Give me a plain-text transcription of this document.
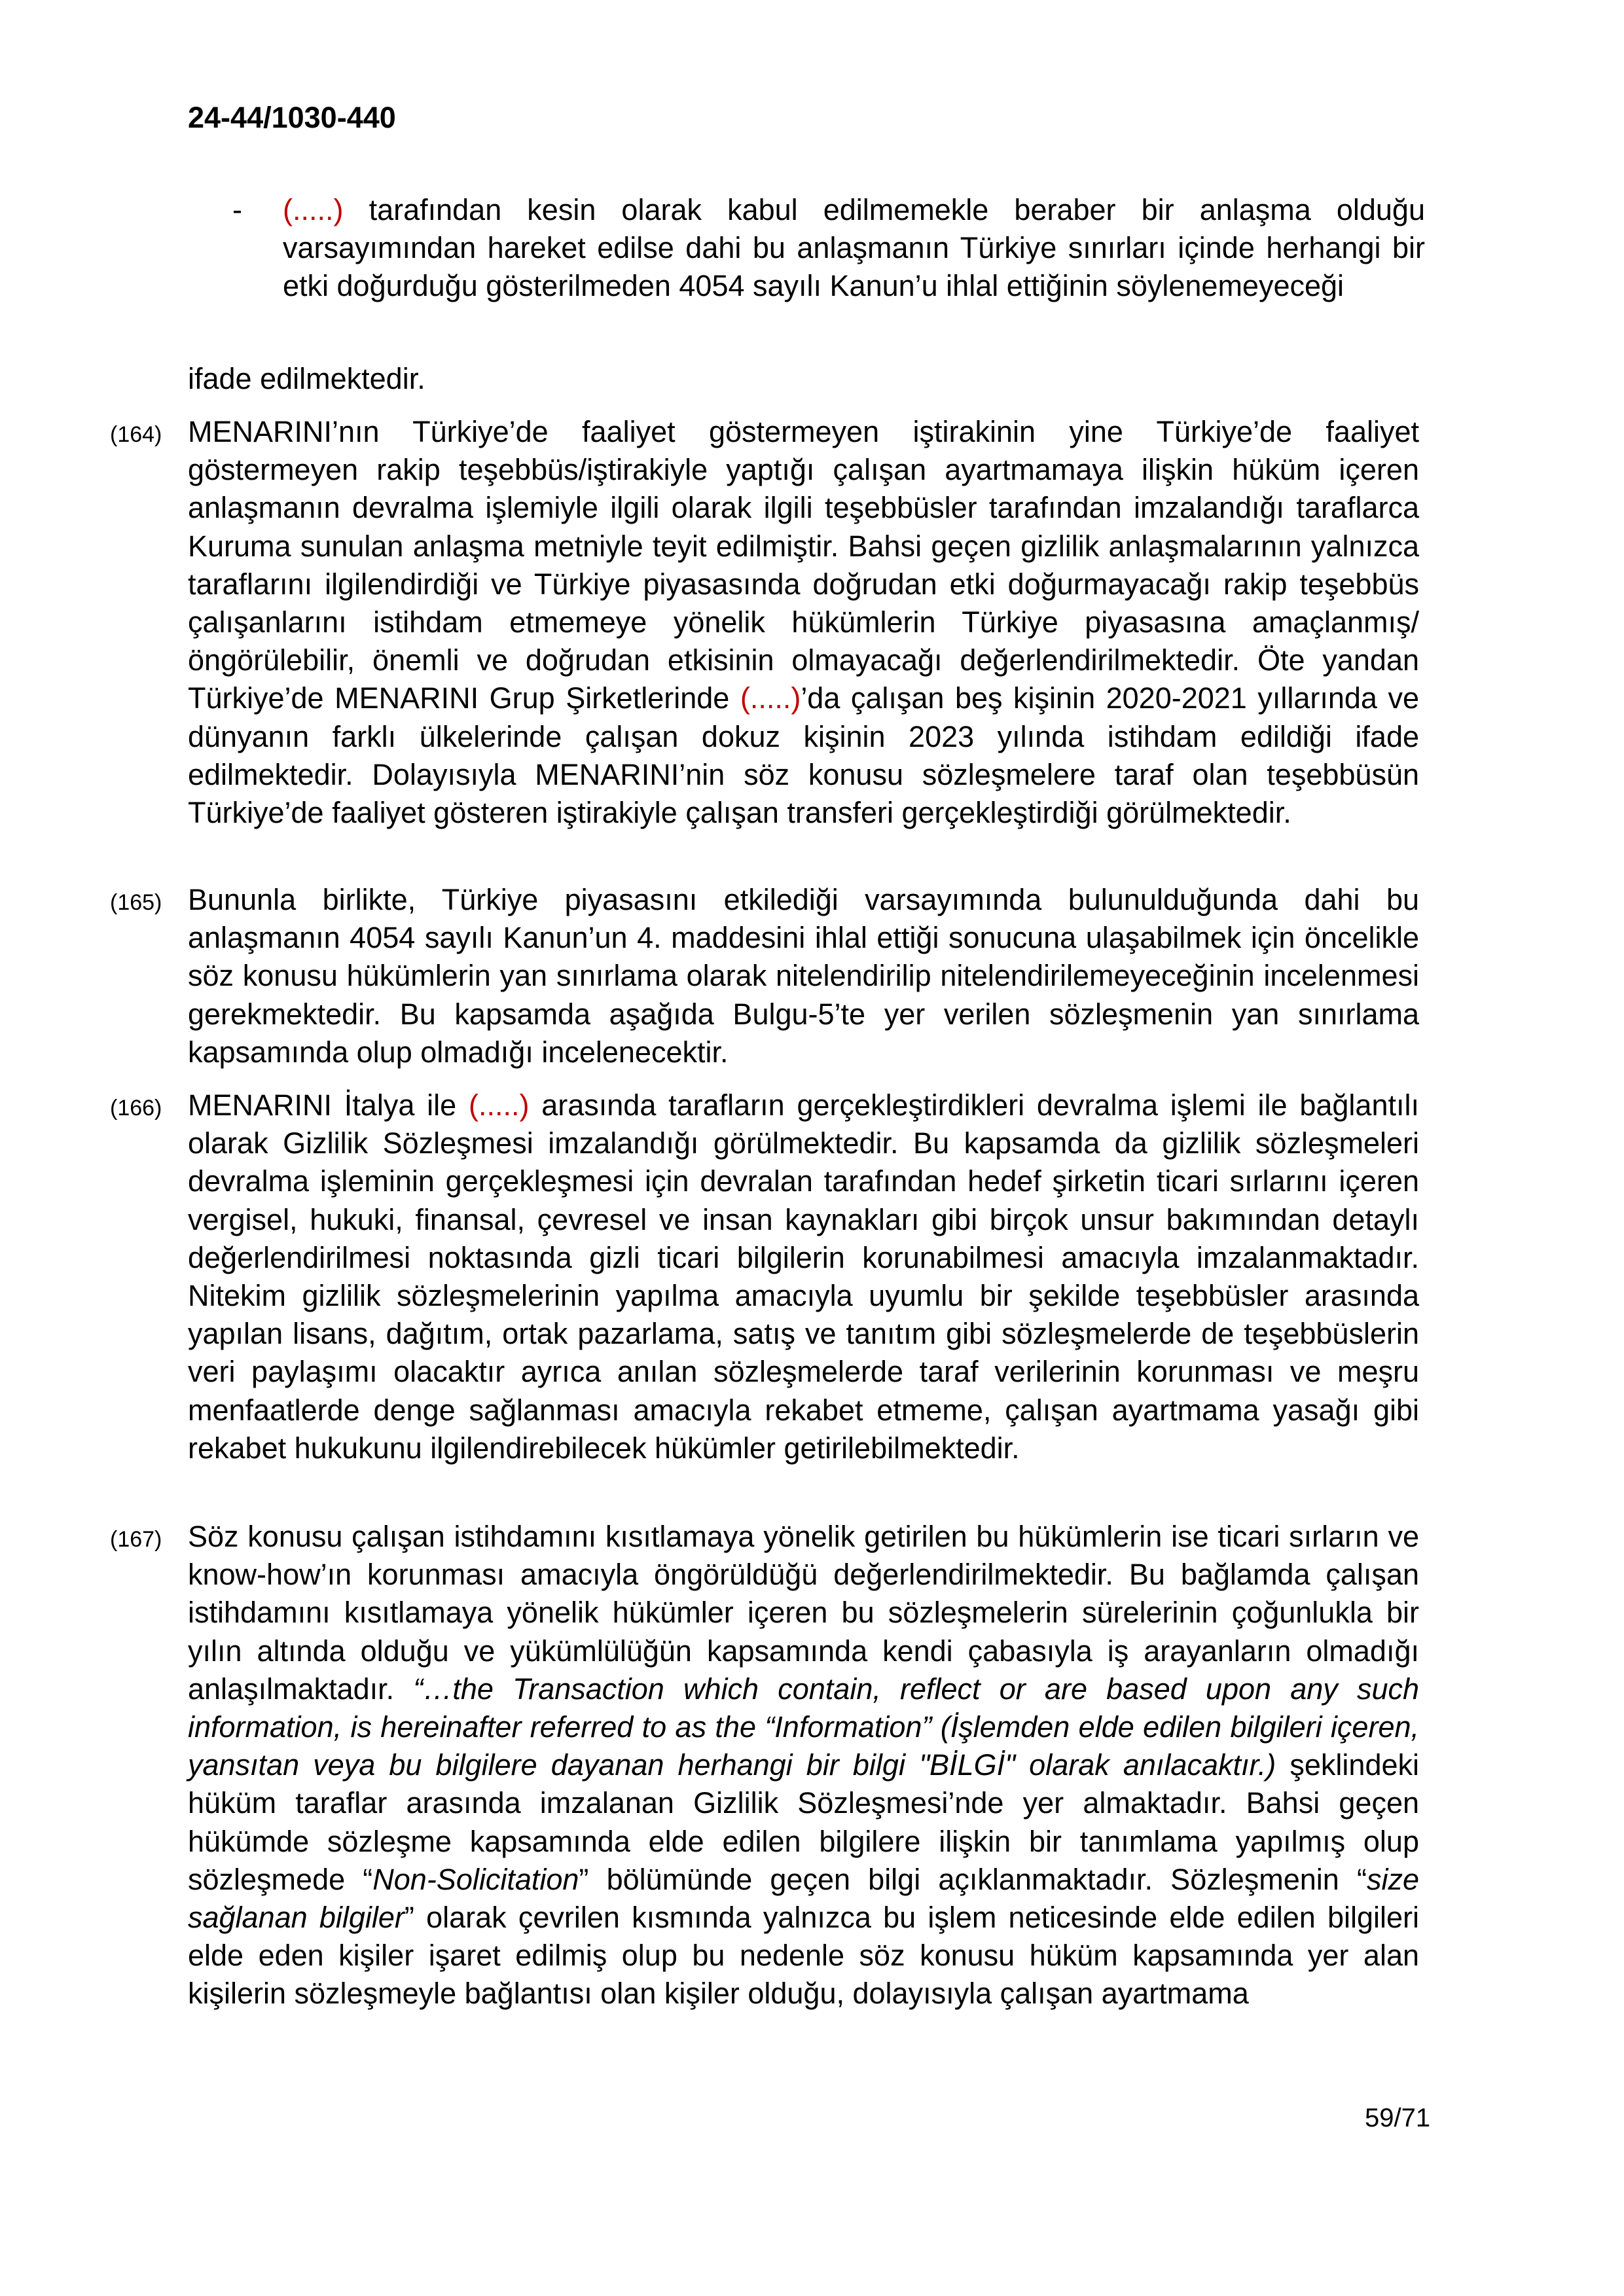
24-44/1030-440
- (.....) tarafından kesin olarak kabul edilmemekle beraber bir anlaşma olduğu varsayımından hareket edilse dahi bu anlaşmanın Türkiye sınırları içinde herhangi bir etki doğurduğu gösterilmeden 4054 sayılı Kanun’u ihlal ettiğinin söylenemeyeceği
ifade edilmektedir.
(164) MENARINI’nın Türkiye’de faaliyet göstermeyen iştirakinin yine Türkiye’de faaliyet göstermeyen rakip teşebbüs/iştirakiyle yaptığı çalışan ayartmamaya ilişkin hüküm içeren anlaşmanın devralma işlemiyle ilgili olarak ilgili teşebbüsler tarafından imzalandığı taraflarca Kuruma sunulan anlaşma metniyle teyit edilmiştir. Bahsi geçen gizlilik anlaşmalarının yalnızca taraflarını ilgilendirdiği ve Türkiye piyasasında doğrudan etki doğurmayacağı rakip teşebbüs çalışanlarını istihdam etmemeye yönelik hükümlerin Türkiye piyasasına amaçlanmış/öngörülebilir, önemli ve doğrudan etkisinin olmayacağı değerlendirilmektedir. Öte yandan Türkiye’de MENARINI Grup Şirketlerinde (.....)’da çalışan beş kişinin 2020-2021 yıllarında ve dünyanın farklı ülkelerinde çalışan dokuz kişinin 2023 yılında istihdam edildiği ifade edilmektedir. Dolayısıyla MENARINI’nin söz konusu sözleşmelere taraf olan teşebbüsün Türkiye’de faaliyet gösteren iştirakiyle çalışan transferi gerçekleştirdiği görülmektedir.
(165) Bununla birlikte, Türkiye piyasasını etkilediği varsayımında bulunulduğunda dahi bu anlaşmanın 4054 sayılı Kanun’un 4. maddesini ihlal ettiği sonucuna ulaşabilmek için öncelikle söz konusu hükümlerin yan sınırlama olarak nitelendirilip nitelendirilemeyeceğinin incelenmesi gerekmektedir. Bu kapsamda aşağıda Bulgu-5’te yer verilen sözleşmenin yan sınırlama kapsamında olup olmadığı incelenecektir.
(166) MENARINI İtalya ile (.....) arasında tarafların gerçekleştirdikleri devralma işlemi ile bağlantılı olarak Gizlilik Sözleşmesi imzalandığı görülmektedir. Bu kapsamda da gizlilik sözleşmeleri devralma işleminin gerçekleşmesi için devralan tarafından hedef şirketin ticari sırlarını içeren vergisel, hukuki, finansal, çevresel ve insan kaynakları gibi birçok unsur bakımından detaylı değerlendirilmesi noktasında gizli ticari bilgilerin korunabilmesi amacıyla imzalanmaktadır. Nitekim gizlilik sözleşmelerinin yapılma amacıyla uyumlu bir şekilde teşebbüsler arasında yapılan lisans, dağıtım, ortak pazarlama, satış ve tanıtım gibi sözleşmelerde de teşebbüslerin veri paylaşımı olacaktır ayrıca anılan sözleşmelerde taraf verilerinin korunması ve meşru menfaatlerde denge sağlanması amacıyla rekabet etmeme, çalışan ayartmama yasağı gibi rekabet hukukunu ilgilendirebilecek hükümler getirilebilmektedir.
(167) Söz konusu çalışan istihdamını kısıtlamaya yönelik getirilen bu hükümlerin ise ticari sırların ve know-how’ın korunması amacıyla öngörüldüğü değerlendirilmektedir. Bu bağlamda çalışan istihdamını kısıtlamaya yönelik hükümler içeren bu sözleşmelerin sürelerinin çoğunlukla bir yılın altında olduğu ve yükümlülüğün kapsamında kendi çabasıyla iş arayanların olmadığı anlaşılmaktadır. “…the Transaction which contain, reflect or are based upon any such information, is hereinafter referred to as the “Information” (İşlemden elde edilen bilgileri içeren, yansıtan veya bu bilgilere dayanan herhangi bir bilgi "BİLGİ" olarak anılacaktır.) şeklindeki hüküm taraflar arasında imzalanan Gizlilik Sözleşmesi’nde yer almaktadır. Bahsi geçen hükümde sözleşme kapsamında elde edilen bilgilere ilişkin bir tanımlama yapılmış olup sözleşmede “Non-Solicitation” bölümünde geçen bilgi açıklanmaktadır. Sözleşmenin “size sağlanan bilgiler” olarak çevrilen kısmında yalnızca bu işlem neticesinde elde edilen bilgileri elde eden kişiler işaret edilmiş olup bu nedenle söz konusu hüküm kapsamında yer alan kişilerin sözleşmeyle bağlantısı olan kişiler olduğu, dolayısıyla çalışan ayartmama
59/71
